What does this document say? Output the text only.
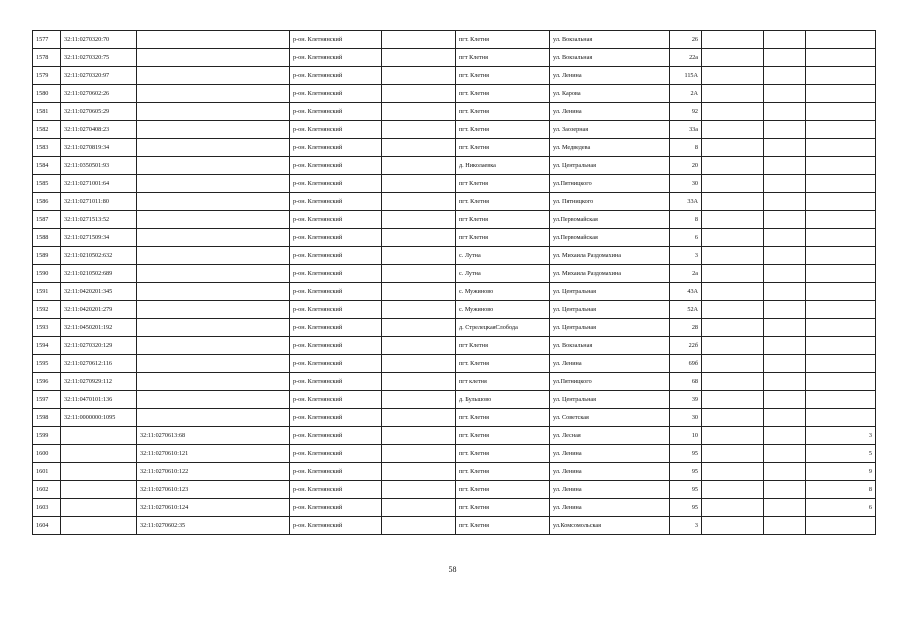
1577	32:11:0270320:70		р-он. Клетнянский		пгт. Клетня	ул. Вокзальная	26			
1578	32:11:0270320:75		р-он. Клетнянский		пгт Клетня	ул. Вокзальная	22а			
1579	32:11:0270320:97		р-он. Клетнянский		пгт. Клетня	ул. Ленина	115А			
1580	32:11:0270602:26		р-он. Клетнянский		пгт. Клетня	ул. Карова	2А			
1581	32:11:0270605:29		р-он. Клетнянский		пгт. Клетня	ул. Ленина	92			
1582	32:11:0270408:23		р-он. Клетнянский		пгт. Клетня	ул. Заозерная	33а			
1583	32:11:0270819:34		р-он. Клетнянский		пгт. Клетня	ул. Медведева	8			
1584	32:11:0350501:93		р-он. Клетнянский		д. Николаевка	ул. Центральная	20			
1585	32:11:0271001:64		р-он. Клетнянский		пгт Клетня	ул.Пятницкого	30			
1586	32:11:0271011:80		р-он. Клетнянский		пгт. Клетня	ул. Пятницкого	33А			
1587	32:11:0271513:52		р-он. Клетнянский		пгт Клетня	ул.Первомайская	8			
1588	32:11:0271509:34		р-он. Клетнянский		пгт Клетня	ул.Первомайская	6			
1589	32:11:0210502:632		р-он. Клетнянский		с. Лутна	ул. Михаила Раздомахина	3			
1590	32:11:0210502:689		р-он. Клетнянский		с. Лутна	ул. Михаила Раздомахина	2а			
1591	32:11:0420201:345		р-он. Клетнянский		с. Мужиново	ул. Центральная	43А			
1592	32:11:0420201:279		р-он. Клетнянский		с. Мужиново	ул. Центральная	52А			
1593	32:11:0450201:192		р-он. Клетнянский		д. СтрелецкаяСлобода	ул. Центральная	28			
1594	32:11:0270320:129		р-он. Клетнянский		пгт Клетня	ул. Вокзальная	22б			
1595	32:11:0270612:116		р-он. Клетнянский		пгт. Клетня	ул. Ленина	69б			
1596	32:11:0270929:112		р-он. Клетнянский		пгт клетня	ул.Пятницкого	68			
1597	32:11:0470101:136		р-он. Клетнянский		д. Бульшово	ул. Центральная	39			
1598	32:11:0000000:1095		р-он. Клетнянский		пгт. Клетня	ул. Советская	30			
1599		32:11:0270613:68	р-он. Клетнянский		пгт. Клетня	ул. Лесная	10			3
1600		32:11:0270610:121	р-он. Клетнянский		пгт. Клетня	ул. Ленина	95			5
1601		32:11:0270610:122	р-он. Клетнянский		пгт. Клетня	ул. Ленина	95			9
1602		32:11:0270610:123	р-он. Клетнянский		пгт. Клетня	ул. Ленина	95			8
1603		32:11:0270610:124	р-он. Клетнянский		пгт. Клетня	ул. Ленина	95			6
1604		32:11:0270602:35	р-он. Клетнянский		пгт. Клетня	ул.Комсомольская	3			
58
